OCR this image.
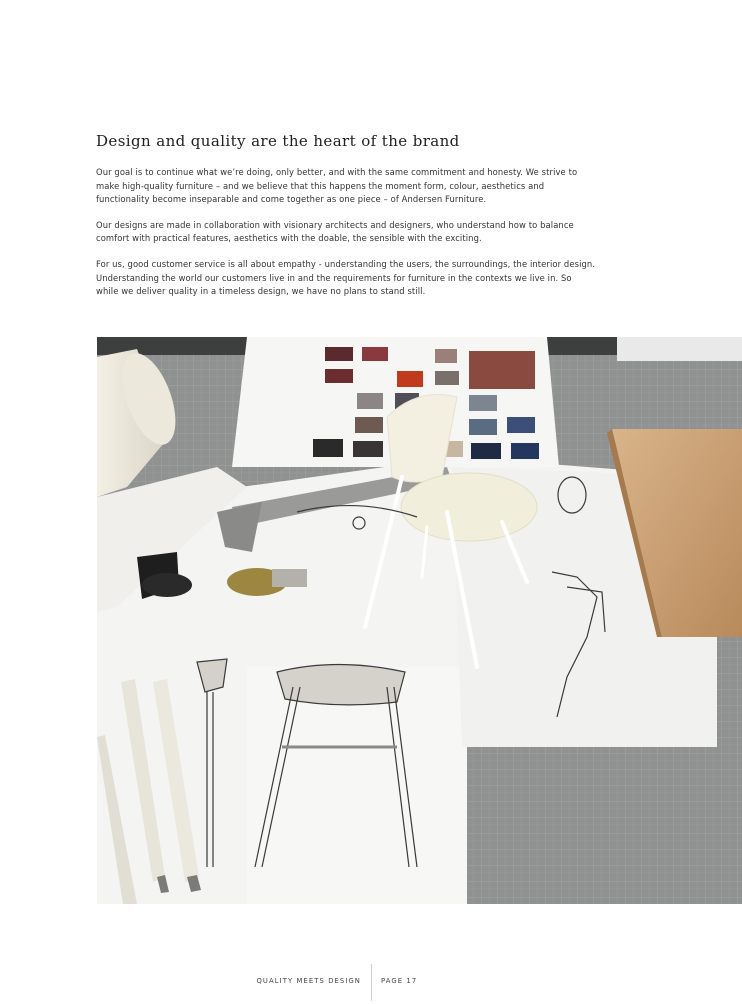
Design and quality are the heart of the brand

Our goal is to continue what we’re doing, only better, and with the same commitment and honesty. We strive to make high-quality furniture – and we believe that this happens the moment form, colour, aesthetics and functionality become inseparable and come together as one piece – of Andersen Furniture.

Our designs are made in collaboration with visionary architects and designers, who understand how to balance comfort with practical features, aesthetics with the doable, the sensible with the exciting.

For us, good customer service is all about empathy - understanding the users, the surroundings, the interior design. Understanding the world our customers live in and the requirements for furniture in the contexts we live in. So while we deliver quality in a timeless design, we have no plans to stand still.

QUALITY MEETS DESIGN	PAGE 17
